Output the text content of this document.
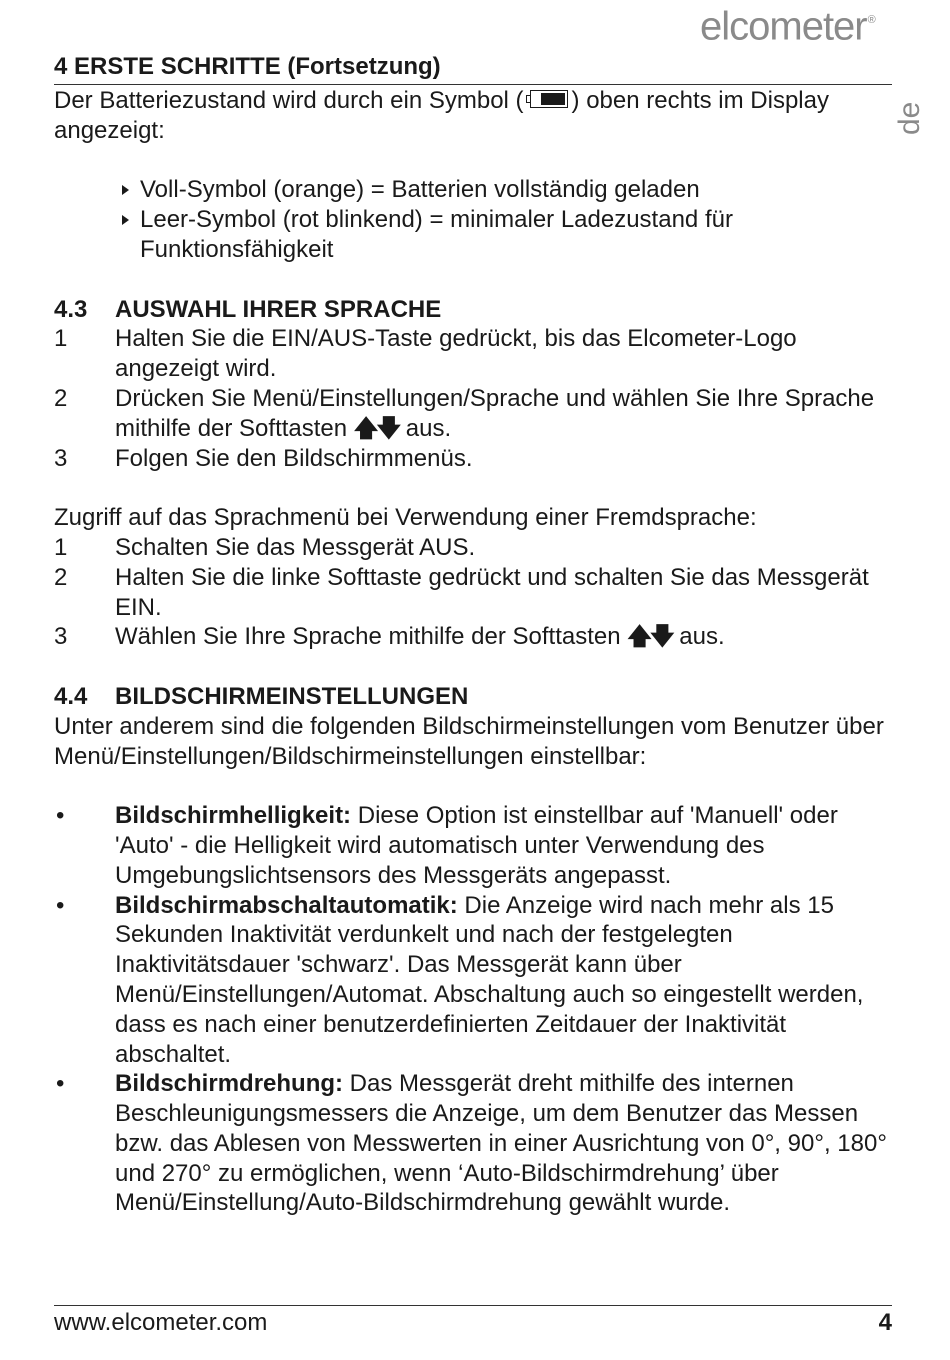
elcometer®
de
4 ERSTE SCHRITTE (Fortsetzung)

Der Batteriezustand wird durch ein Symbol ( ) oben rechts im Display angezeigt:

Voll-Symbol (orange) = Batterien vollständig geladen
Leer-Symbol (rot blinkend) = minimaler Ladezustand für Funktionsfähigkeit
4.3 AUSWAHL IHRER SPRACHE
1 Halten Sie die EIN/AUS-Taste gedrückt, bis das Elcometer-Logo angezeigt wird.
2 Drücken Sie Menü/Einstellungen/Sprache und wählen Sie Ihre Sprache mithilfe der Softtasten 🡅🡇 aus.
3 Folgen Sie den Bildschirmmenüs.

Zugriff auf das Sprachmenü bei Verwendung einer Fremdsprache:

1 Schalten Sie das Messgerät AUS.
2 Halten Sie die linke Softtaste gedrückt und schalten Sie das Messgerät EIN.
3 Wählen Sie Ihre Sprache mithilfe der Softtasten 🡅🡇 aus.
4.4 BILDSCHIRMEINSTELLUNGEN

Unter anderem sind die folgenden Bildschirmeinstellungen vom Benutzer über Menü/Einstellungen/Bildschirmeinstellungen einstellbar:

• Bildschirmhelligkeit: Diese Option ist einstellbar auf 'Manuell' oder 'Auto' - die Helligkeit wird automatisch unter Verwendung des Umgebungslichtsensors des Messgeräts angepasst.
• Bildschirmabschaltautomatik: Die Anzeige wird nach mehr als 15 Sekunden Inaktivität verdunkelt und nach der festgelegten Inaktivitätsdauer 'schwarz'. Das Messgerät kann über Menü/Einstellungen/Automat. Abschaltung auch so eingestellt werden, dass es nach einer benutzerdefinierten Zeitdauer der Inaktivität abschaltet.
• Bildschirmdrehung: Das Messgerät dreht mithilfe des internen Beschleunigungsmessers die Anzeige, um dem Benutzer das Messen bzw. das Ablesen von Messwerten in einer Ausrichtung von 0°, 90°, 180° und 270° zu ermöglichen, wenn ‘Auto-Bildschirmdrehung’ über Menü/Einstellung/Auto-Bildschirmdrehung gewählt wurde.
www.elcometer.com	4
